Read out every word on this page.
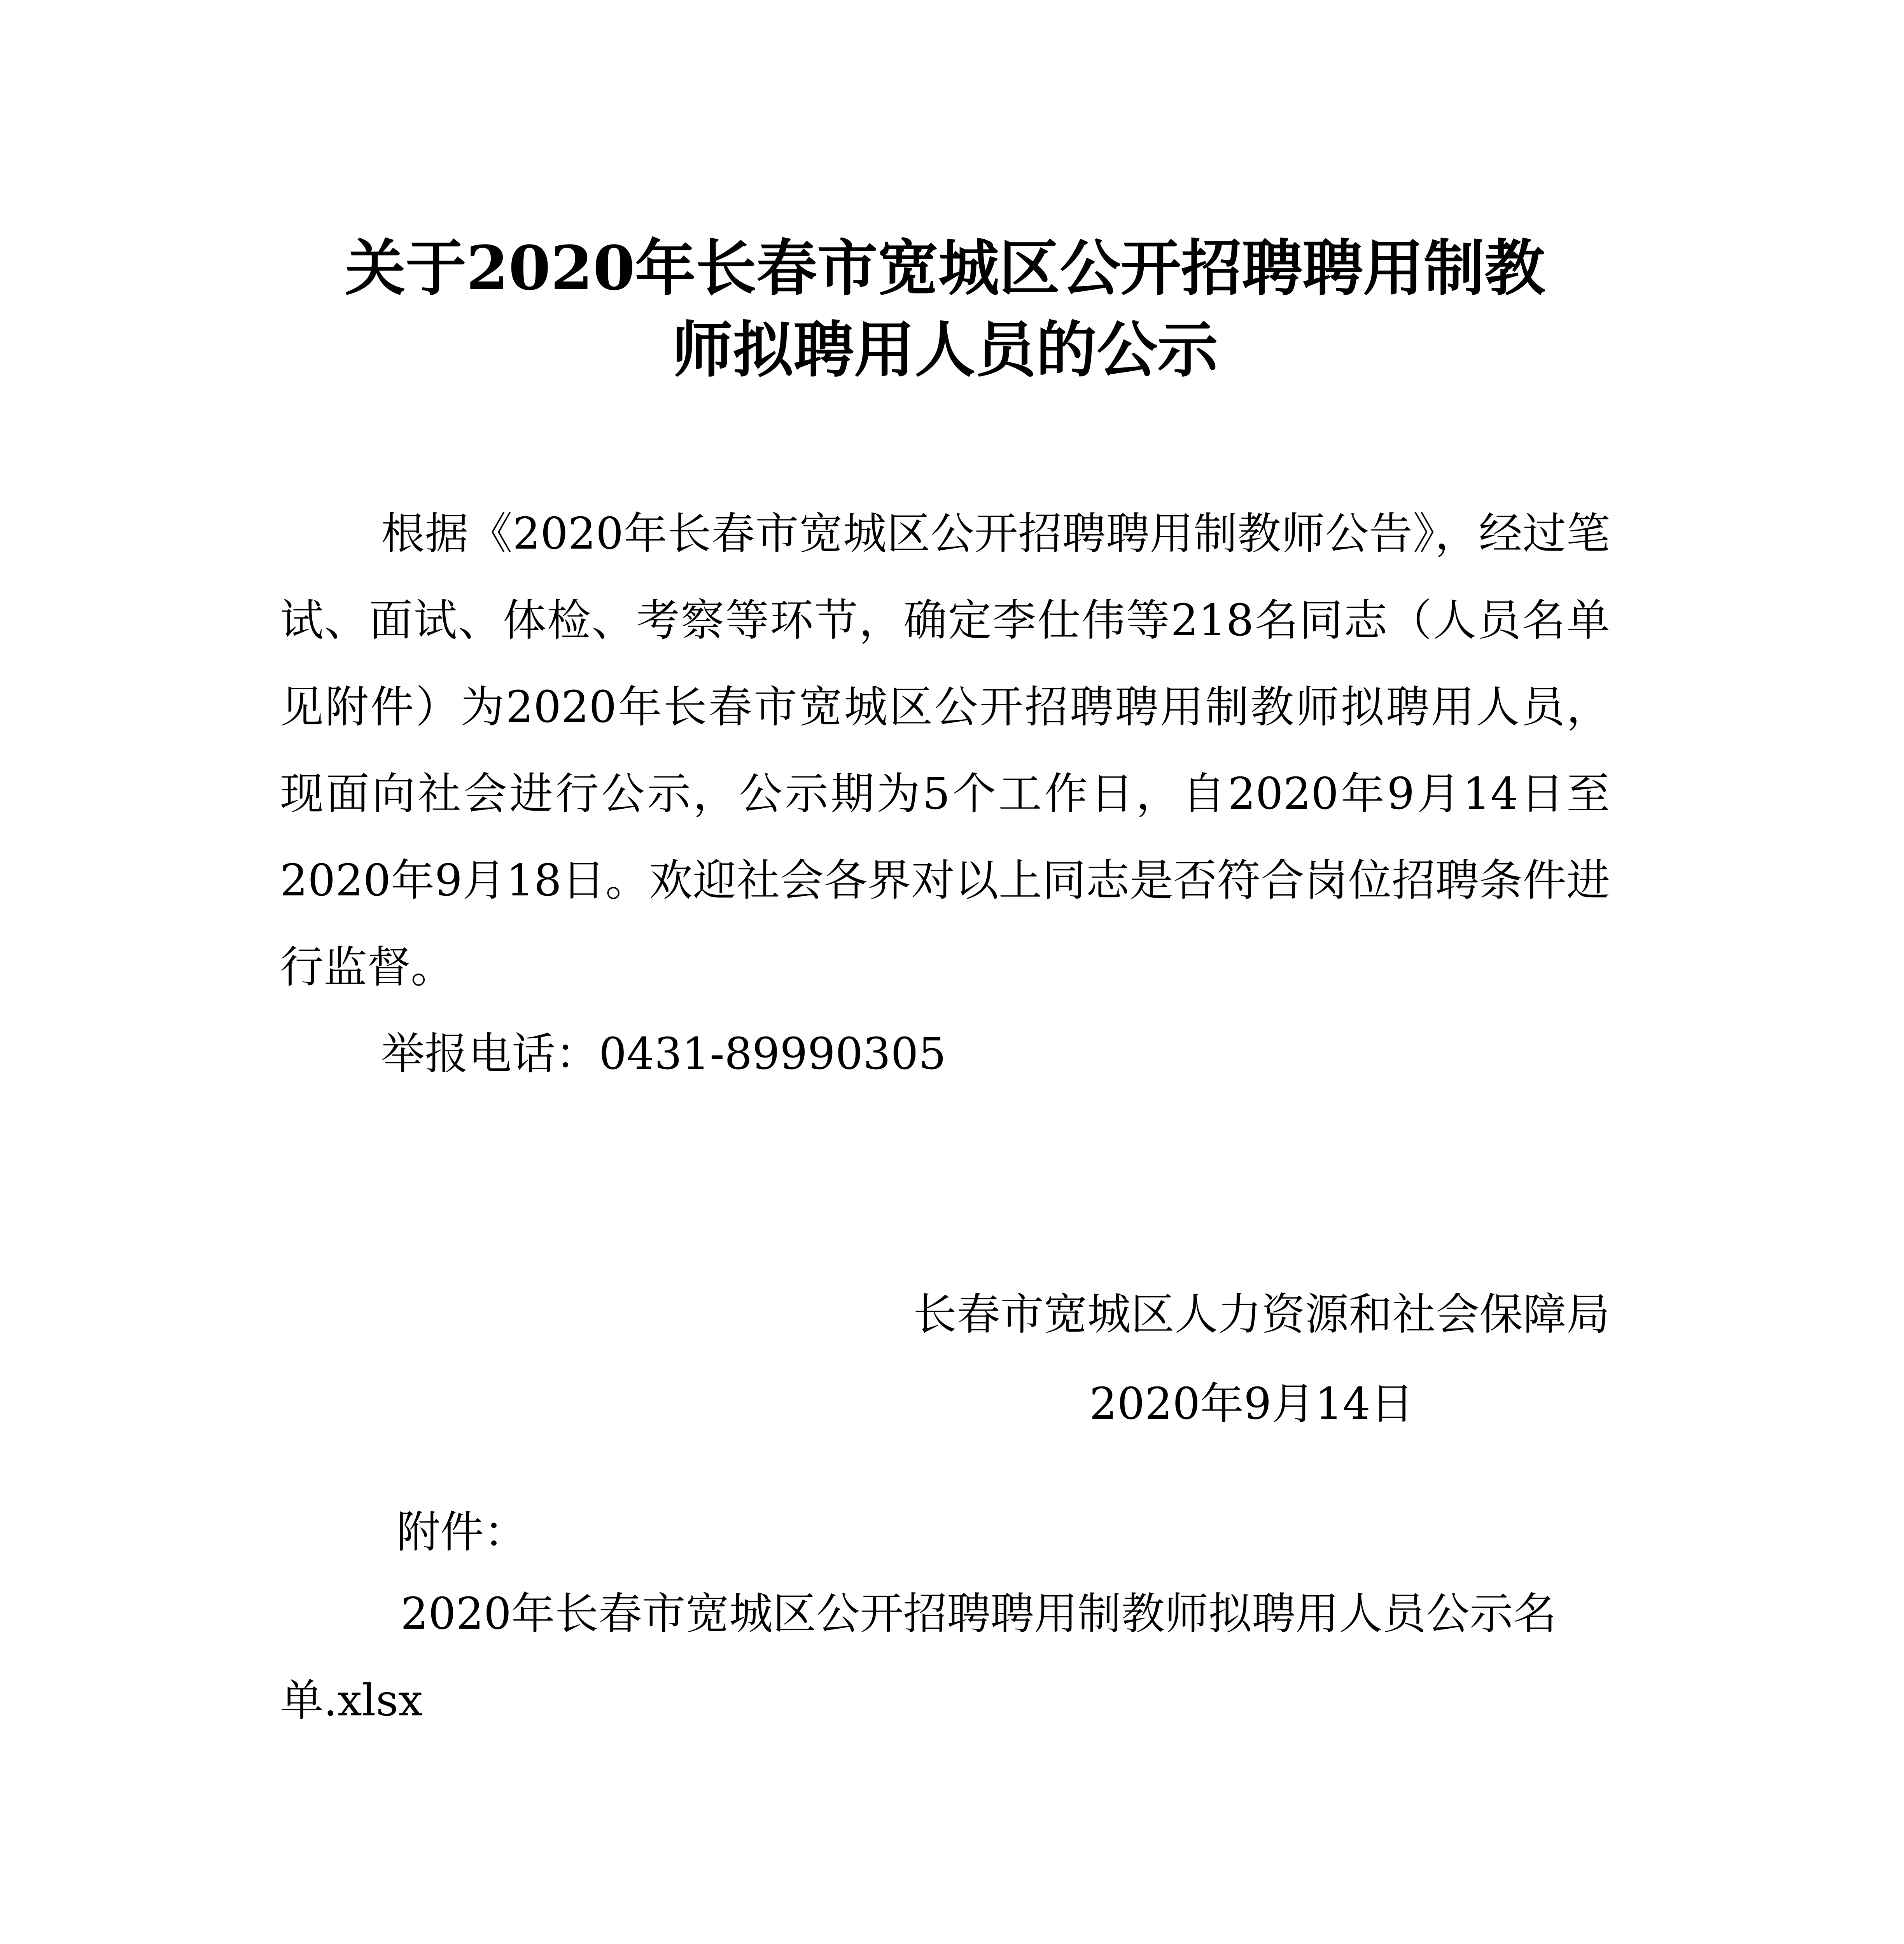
关于2020年长春市宽城区公开招聘聘用制教
师拟聘用人员的公示

根据《2020年长春市宽城区公开招聘聘用制教师公告》，经过笔试、面试、体检、考察等环节，确定李仕伟等218名同志（人员名单见附件）为2020年长春市宽城区公开招聘聘用制教师拟聘用人员，现面向社会进行公示，公示期为5个工作日，自2020年9月14日至2020年9月18日。欢迎社会各界对以上同志是否符合岗位招聘条件进行监督。

举报电话：0431-89990305

长春市宽城区人力资源和社会保障局

2020年9月14日

附件：

2020年长春市宽城区公开招聘聘用制教师拟聘用人员公示名单.xlsx
